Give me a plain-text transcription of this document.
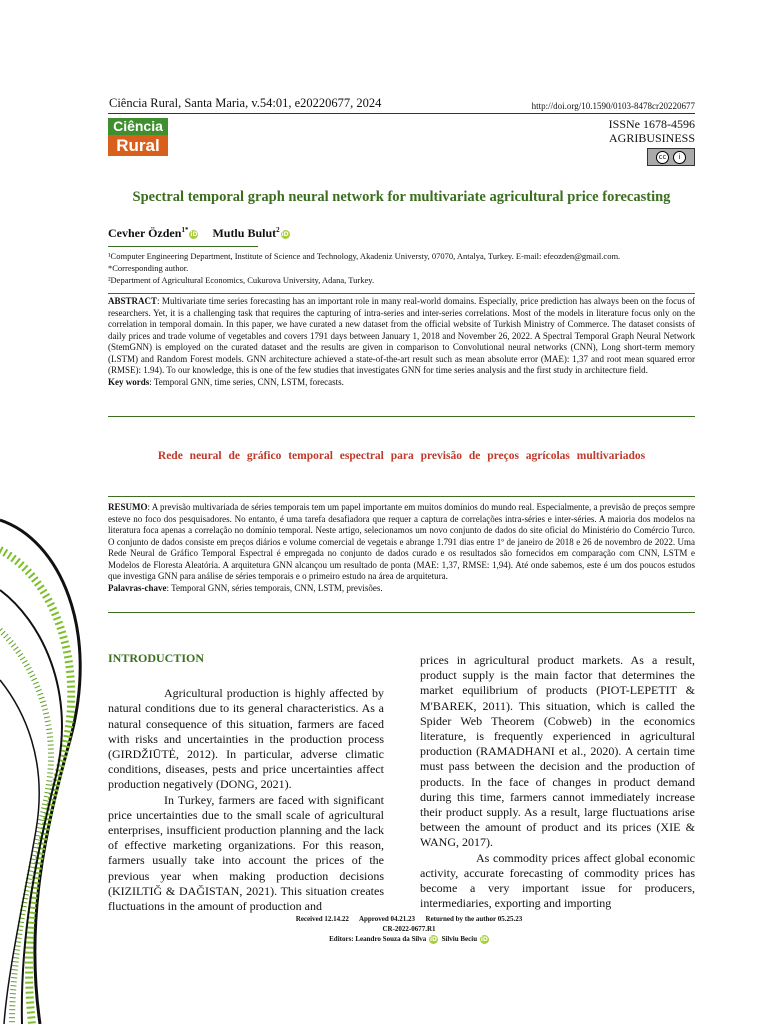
Ciência Rural, Santa Maria, v.54:01, e20220677, 2024	http://doi.org/10.1590/0103-8478cr20220677
Ciência
Rural
ISSNe 1678-4596
AGRIBUSINESS
cc	i
Spectral temporal graph neural network for multivariate agricultural price forecasting
Cevher Özden$^{1*}$iD Mutlu Bulut$^2$iD
¹Computer Engineering Department, Institute of Science and Technology, Akadeniz Universty, 07070, Antalya, Turkey. E-mail: efeozden@gmail.com.
*Corresponding author.
²Department of Agricultural Economics, Cukurova University, Adana, Turkey.
ABSTRACT: Multivariate time series forecasting has an important role in many real-world domains. Especially, price prediction has always been on the focus of researchers. Yet, it is a challenging task that requires the capturing of intra-series and inter-series correlations. Most of the models in literature focus only on the correlation in temporal domain. In this paper, we have curated a new dataset from the official website of Turkish Ministry of Commerce. The dataset consists of daily prices and trade volume of vegetables and covers 1791 days between January 1, 2018 and November 26, 2022. A Spectral Temporal Graph Neural Network (StemGNN) is employed on the curated dataset and the results are given in comparison to Convolutional neural networks (CNN), Long short-term memory (LSTM) and Random Forest models. GNN architecture achieved a state-of-the-art result such as mean absolute error (MAE): 1,37 and root mean squared error (RMSE): 1.94). To our knowledge, this is one of the few studies that investigates GNN for time series analysis and the first study in architecture field.
Key words: Temporal GNN, time series, CNN, LSTM, forecasts.
Rede neural de gráfico temporal espectral para previsão de preços agrícolas multivariados
RESUMO: A previsão multivariada de séries temporais tem um papel importante em muitos domínios do mundo real. Especialmente, a previsão de preços sempre esteve no foco dos pesquisadores. No entanto, é uma tarefa desafiadora que requer a captura de correlações intra-séries e inter-séries. A maioria dos modelos na literatura foca apenas a correlação no domínio temporal. Neste artigo, selecionamos um novo conjunto de dados do site oficial do Ministério do Comércio Turco. O conjunto de dados consiste em preços diários e volume comercial de vegetais e abrange 1.791 dias entre 1º de janeiro de 2018 e 26 de novembro de 2022. Uma Rede Neural de Gráfico Temporal Espectral é empregada no conjunto de dados curado e os resultados são fornecidos em comparação com CNN, LSTM e Modelos de Floresta Aleatória. A arquitetura GNN alcançou um resultado de ponta (MAE: 1,37, RMSE: 1,94). Até onde sabemos, este é um dos poucos estudos que investiga GNN para análise de séries temporais e o primeiro estudo na área de arquitetura.
Palavras-chave: Temporal GNN, séries temporais, CNN, LSTM, previsões.

INTRODUCTION

Agricultural production is highly affected by natural conditions due to its general characteristics. As a natural consequence of this situation, farmers are faced with risks and uncertainties in the production process (GIRDŽIŪTĖ, 2012). In particular, adverse climatic conditions, diseases, pests and price uncertainties affect production negatively (DONG, 2021).

In Turkey, farmers are faced with significant price uncertainties due to the small scale of agricultural enterprises, insufficient production planning and the lack of effective marketing organizations. For this reason, farmers usually take into account the prices of the previous year when making production decisions (KIZILTIĞ & DAĞISTAN, 2021). This situation creates fluctuations in the amount of production and

prices in agricultural product markets. As a result, product supply is the main factor that determines the market equilibrium of products (PIOT-LEPETIT & M'BAREK, 2011). This situation, which is called the Spider Web Theorem (Cobweb) in the economics literature, is frequently experienced in agricultural production (RAMADHANI et al., 2020). A certain time must pass between the decision and the production of products. In the face of changes in product demand during this time, farmers cannot immediately increase their product supply. As a result, large fluctuations arise between the amount of product and its prices (XIE & WANG, 2017).

As commodity prices affect global economic activity, accurate forecasting of commodity prices has become a very important issue for producers, intermediaries, exporting and importing

Received 12.14.22      Approved 04.21.23      Returned by the author 05.25.23
CR-2022-0677.R1
Editors: Leandro Souza da Silva iD Silviu Beciu iD
